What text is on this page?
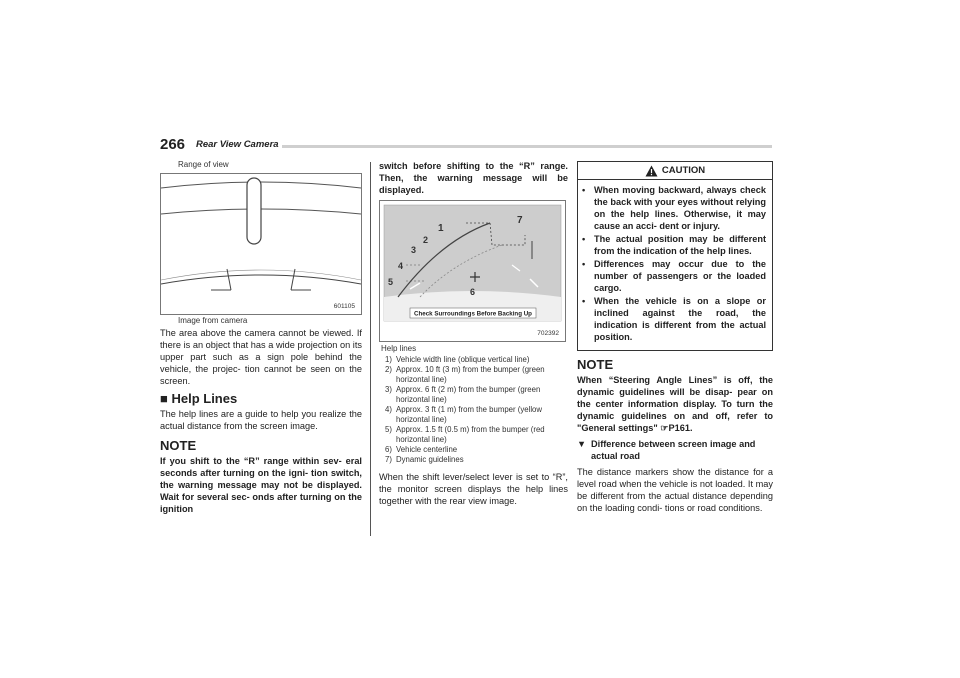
266 Rear View Camera
Range of view
601105
Image from camera

The area above the camera cannot be viewed. If there is an object that has a wide projection on its upper part such as a sign pole behind the vehicle, the projec- tion cannot be seen on the screen.

■ Help Lines

The help lines are a guide to help you realize the actual distance from the screen image.

NOTE

If you shift to the “R” range within sev- eral seconds after turning on the igni- tion switch, the warning message may not be displayed. Wait for several sec- onds after turning on the ignition

switch before shifting to the “R” range. Then, the warning message will be displayed.

1
2
3
4
5
6
7
Check Surroundings Before Backing Up
702392
Help lines
1) Vehicle width line (oblique vertical line)
2) Approx. 10 ft (3 m) from the bumper (green horizontal line)
3) Approx. 6 ft (2 m) from the bumper (green horizontal line)
4) Approx. 3 ft (1 m) from the bumper (yellow horizontal line)
5) Approx. 1.5 ft (0.5 m) from the bumper (red horizontal line)
6) Vehicle centerline
7) Dynamic guidelines

When the shift lever/select lever is set to “R”, the monitor screen displays the help lines together with the rear view image.

CAUTION
• When moving backward, always check the back with your eyes without relying on the help lines. Otherwise, it may cause an acci- dent or injury.
• The actual position may be different from the indication of the help lines.
• Differences may occur due to the number of passengers or the loaded cargo.
• When the vehicle is on a slope or inclined against the road, the indication is different from the actual position.
NOTE

When “Steering Angle Lines” is off, the dynamic guidelines will be disap- pear on the center information display. To turn the dynamic guidelines on and off, refer to "General settings" ☞P161.

▼ Difference between screen image and actual road

The distance markers show the distance for a level road when the vehicle is not loaded. It may be different from the actual distance depending on the loading condi- tions or road conditions.
